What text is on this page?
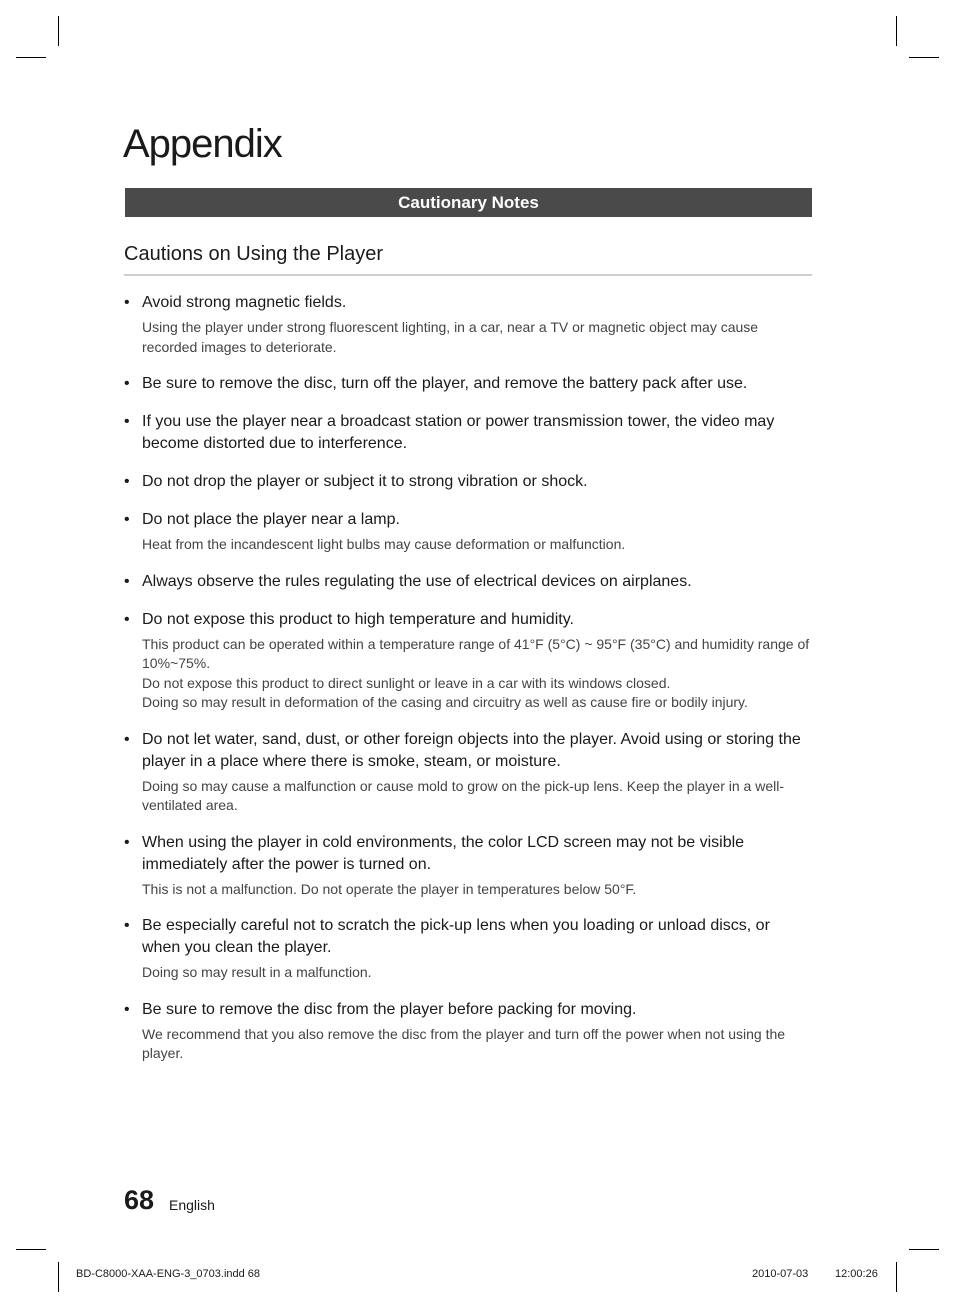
Appendix
Cautionary Notes
Cautions on Using the Player
• Avoid strong magnetic fields.

Using the player under strong fluorescent lighting, in a car, near a TV or magnetic object may cause recorded images to deteriorate.

• Be sure to remove the disc, turn off the player, and remove the battery pack after use.
• If you use the player near a broadcast station or power transmission tower, the video may become distorted due to interference.
• Do not drop the player or subject it to strong vibration or shock.
• Do not place the player near a lamp.

Heat from the incandescent light bulbs may cause deformation or malfunction.

• Always observe the rules regulating the use of electrical devices on airplanes.
• Do not expose this product to high temperature and humidity.

This product can be operated within a temperature range of 41°F (5°C) ~ 95°F (35°C) and humidity range of 10%~75%.

Do not expose this product to direct sunlight or leave in a car with its windows closed.

Doing so may result in deformation of the casing and circuitry as well as cause fire or bodily injury.

• Do not let water, sand, dust, or other foreign objects into the player. Avoid using or storing the player in a place where there is smoke, steam, or moisture.

Doing so may cause a malfunction or cause mold to grow on the pick-up lens. Keep the player in a well-ventilated area.

• When using the player in cold environments, the color LCD screen may not be visible immediately after the power is turned on.

This is not a malfunction. Do not operate the player in temperatures below 50°F.

• Be especially careful not to scratch the pick-up lens when you loading or unload discs, or when you clean the player.

Doing so may result in a malfunction.

• Be sure to remove the disc from the player before packing for moving.

We recommend that you also remove the disc from the player and turn off the power when not using the player.

68 English
BD-C8000-XAA-ENG-3_0703.indd 68	2010-07-03 12:00:26
